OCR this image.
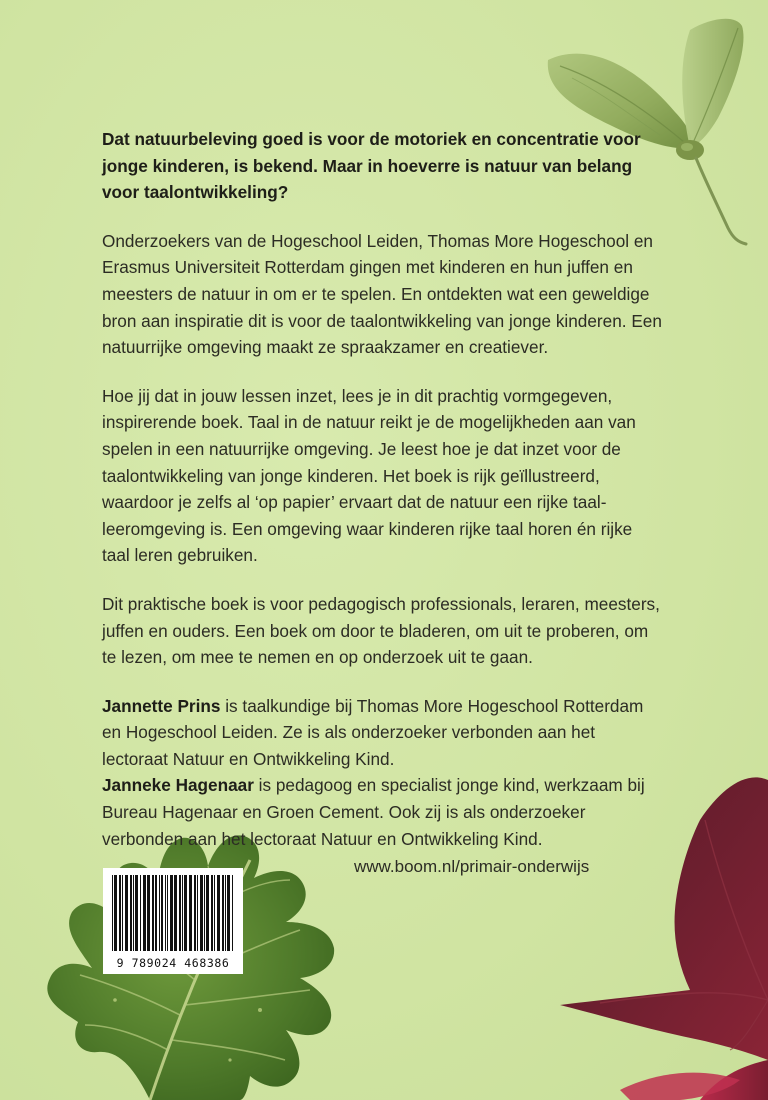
Dat natuurbeleving goed is voor de motoriek en concentratie voor jonge kinderen, is bekend. Maar in hoeverre is natuur van belang voor taalontwikkeling?

Onderzoekers van de Hogeschool Leiden, Thomas More Hogeschool en Erasmus Universiteit Rotterdam gingen met kinderen en hun juffen en meesters de natuur in om er te spelen. En ontdekten wat een geweldige bron aan inspiratie dit is voor de taalontwikkeling van jonge kinderen. Een natuurrijke omgeving maakt ze spraakzamer en creatiever.

Hoe jij dat in jouw lessen inzet, lees je in dit prachtig vormgegeven, inspirerende boek. Taal in de natuur reikt je de mogelijkheden aan van spelen in een natuurrijke omgeving. Je leest hoe je dat inzet voor de taalontwikkeling van jonge kinderen. Het boek is rijk geïllustreerd, waardoor je zelfs al ‘op papier’ ervaart dat de natuur een rijke taal-leeromgeving is. Een omgeving waar kinderen rijke taal horen én rijke taal leren gebruiken.

Dit praktische boek is voor pedagogisch professionals, leraren, meesters, juffen en ouders. Een boek om door te bladeren, om uit te proberen, om te lezen, om mee te nemen en op onderzoek uit te gaan.

Jannette Prins is taalkundige bij Thomas More Hogeschool Rotterdam en Hogeschool Leiden. Ze is als onderzoeker verbonden aan het lectoraat Natuur en Ontwikkeling Kind.

Janneke Hagenaar is pedagoog en specialist jonge kind, werkzaam bij Bureau Hagenaar en Groen Cement. Ook zij is als onderzoeker verbonden aan het lectoraat Natuur en Ontwikkeling Kind.

www.boom.nl/primair-onderwijs
9 789024 468386
